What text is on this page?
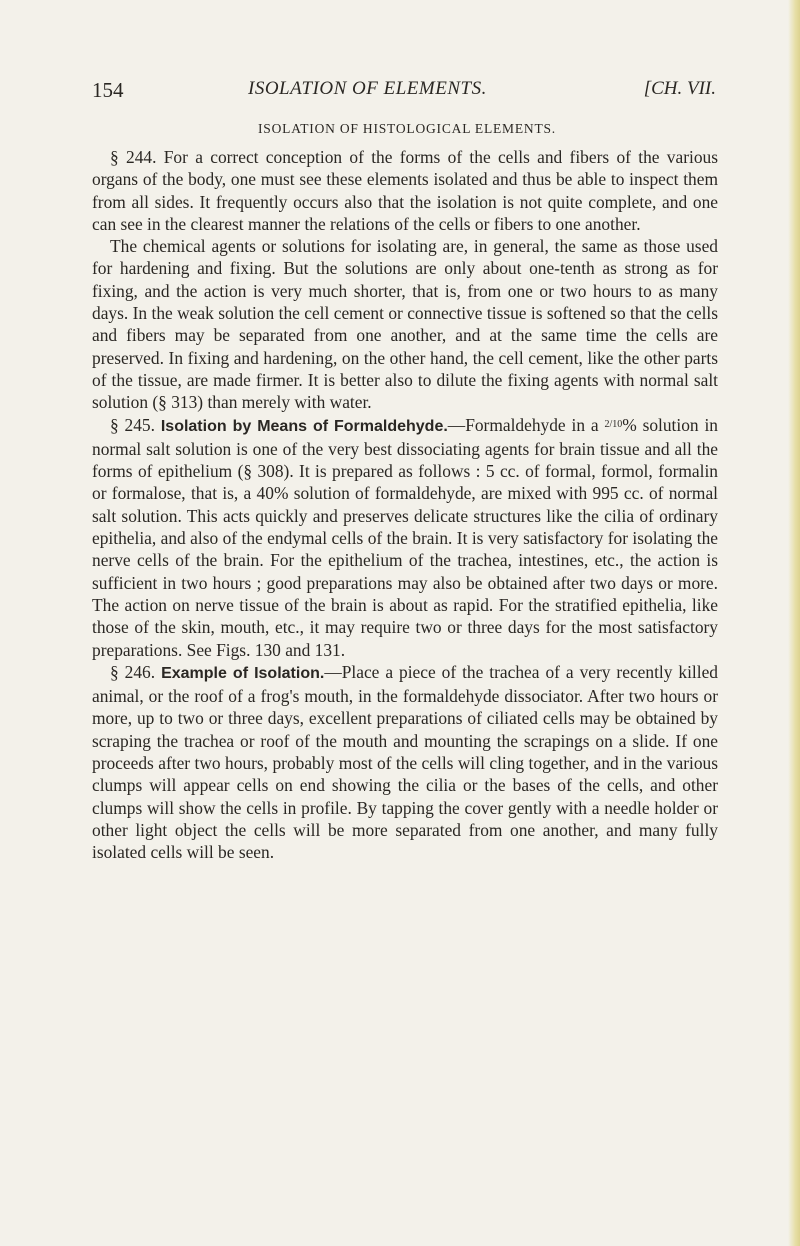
154	ISOLATION OF ELEMENTS.	[CH. VII.
ISOLATION OF HISTOLOGICAL ELEMENTS.

§ 244. For a correct conception of the forms of the cells and fibers of the various organs of the body, one must see these elements isolated and thus be able to inspect them from all sides. It frequently occurs also that the isolation is not quite complete, and one can see in the clearest manner the relations of the cells or fibers to one another.

The chemical agents or solutions for isolating are, in general, the same as those used for hardening and fixing. But the solutions are only about one-tenth as strong as for fixing, and the action is very much shorter, that is, from one or two hours to as many days. In the weak solution the cell cement or connective tissue is softened so that the cells and fibers may be separated from one another, and at the same time the cells are preserved. In fixing and hardening, on the other hand, the cell cement, like the other parts of the tissue, are made firmer. It is better also to dilute the fixing agents with normal salt solution (§ 313) than merely with water.

§ 245. Isolation by Means of Formaldehyde.—Formaldehyde in a $^{2/10}$% solution in normal salt solution is one of the very best dissociating agents for brain tissue and all the forms of epithelium (§ 308). It is prepared as follows : 5 cc. of formal, formol, formalin or formalose, that is, a 40% solution of formaldehyde, are mixed with 995 cc. of normal salt solution. This acts quickly and preserves delicate structures like the cilia of ordinary epithelia, and also of the endymal cells of the brain. It is very satisfactory for isolating the nerve cells of the brain. For the epithelium of the trachea, intestines, etc., the action is sufficient in two hours ; good preparations may also be obtained after two days or more. The action on nerve tissue of the brain is about as rapid. For the stratified epithelia, like those of the skin, mouth, etc., it may require two or three days for the most satisfactory preparations. See Figs. 130 and 131.

§ 246. Example of Isolation.—Place a piece of the trachea of a very recently killed animal, or the roof of a frog's mouth, in the formaldehyde dissociator. After two hours or more, up to two or three days, excellent preparations of ciliated cells may be obtained by scraping the trachea or roof of the mouth and mounting the scrapings on a slide. If one proceeds after two hours, probably most of the cells will cling together, and in the various clumps will appear cells on end showing the cilia or the bases of the cells, and other clumps will show the cells in profile. By tapping the cover gently with a needle holder or other light object the cells will be more separated from one another, and many fully isolated cells will be seen.
